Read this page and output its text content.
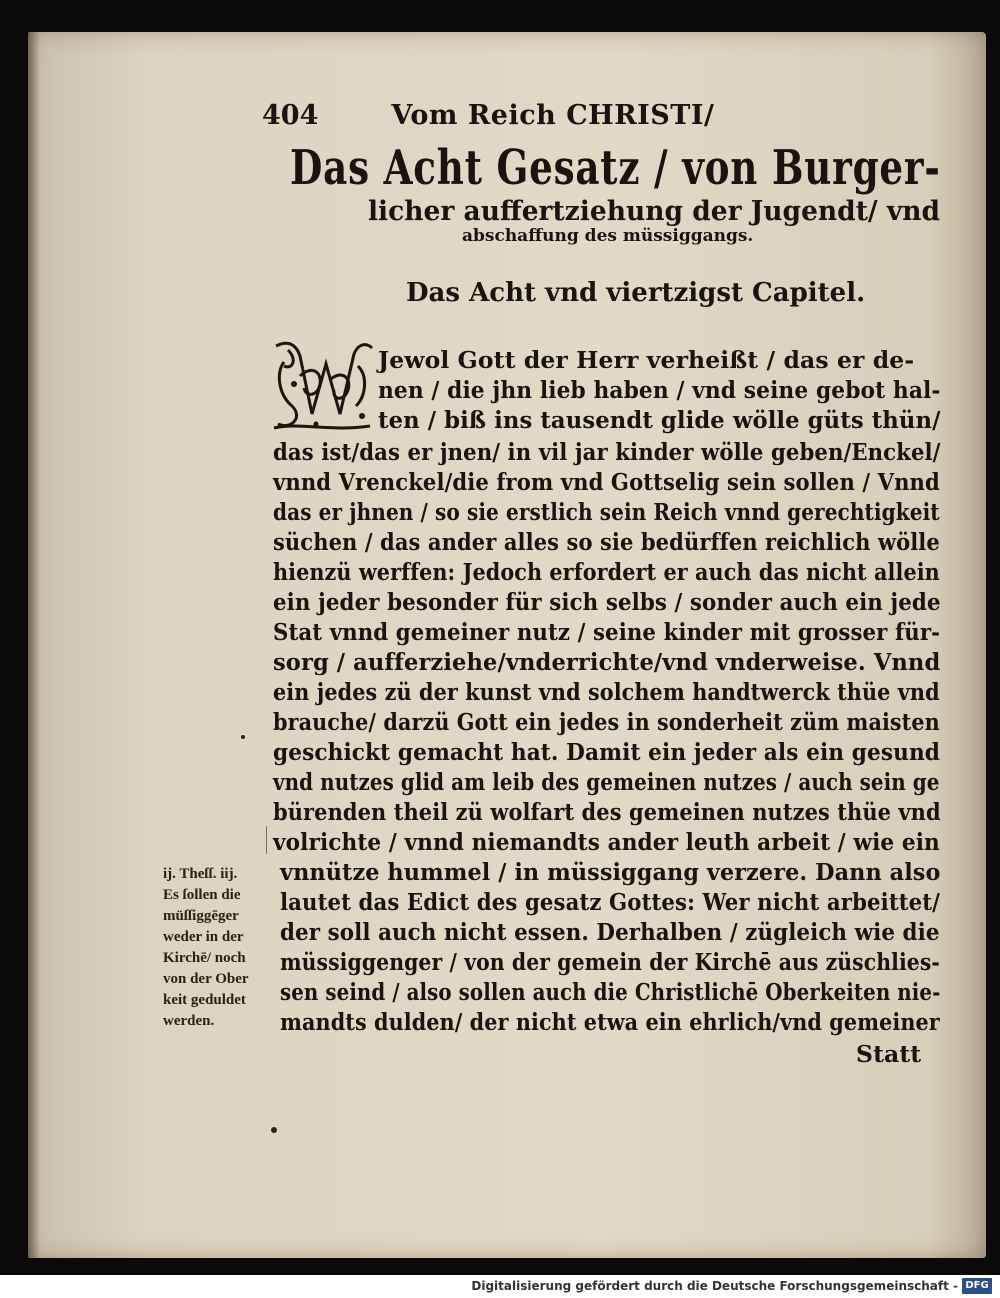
404	Vom Reich CHRISTI/
Das Acht Gesatz / von Burger-
licher auffertziehung der Jugendt/ vnd
abschaffung des müssiggangs.
Das Acht vnd viertzigst Capitel.
Jewol Gott der Herr verheißt / das er de-
nen / die jhn lieb haben / vnd seine gebot hal-
ten / biß ins tausendt glide wölle güts thün/
das ist/das er jnen/ in vil jar kinder wölle geben/Enckel/
vnnd Vrenckel/die from vnd Gottselig sein sollen / Vnnd
das er jhnen / so sie erstlich sein Reich vnnd gerechtigkeit
süchen / das ander alles so sie bedürffen reichlich wölle
hienzü werffen: Jedoch erfordert er auch das nicht allein
ein jeder besonder für sich selbs / sonder auch ein jede
Stat vnnd gemeiner nutz / seine kinder mit grosser für-
sorg / aufferziehe/vnderrichte/vnd vnderweise. Vnnd
ein jedes zü der kunst vnd solchem handtwerck thüe vnd
brauche/ darzü Gott ein jedes in sonderheit züm maisten
geschickt gemacht hat. Damit ein jeder als ein gesund
vnd nutzes glid am leib des gemeinen nutzes / auch sein ge
bürenden theil zü wolfart des gemeinen nutzes thüe vnd
volrichte / vnnd niemandts ander leuth arbeit / wie ein
vnnütze hummel / in müssiggang verzere. Dann also
lautet das Edict des gesatz Gottes: Wer nicht arbeittet/
der soll auch nicht essen. Derhalben / zügleich wie die
müssiggenger / von der gemein der Kirchē aus züschlies-
sen seind / also sollen auch die Christlichē Oberkeiten nie-
mandts dulden/ der nicht etwa ein ehrlich/vnd gemeiner
Statt
ij. Theſſ. iij.
Es ſollen die
müſſiggēger
weder in der
Kirchē/ noch
von der Ober
keit geduldet
werden.
Digitalisierung gefördert durch die Deutsche Forschungsgemeinschaft - DFG
